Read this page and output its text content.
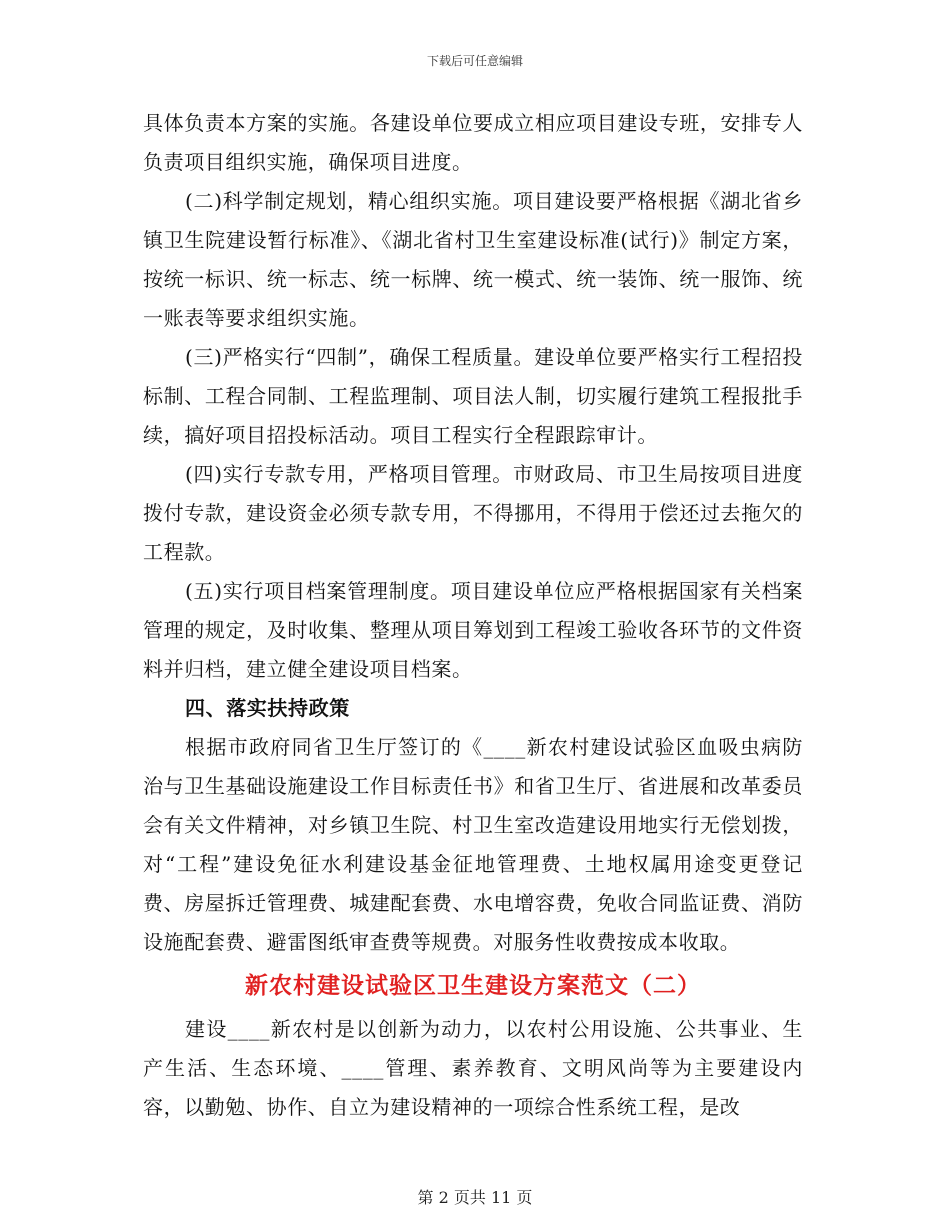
下载后可任意编辑

具体负责本方案的实施。各建设单位要成立相应项目建设专班，安排专人负责项目组织实施，确保项目进度。

(二)科学制定规划，精心组织实施。项目建设要严格根据《湖北省乡镇卫生院建设暂行标准》、《湖北省村卫生室建设标准(试行)》制定方案，按统一标识、统一标志、统一标牌、统一模式、统一装饰、统一服饰、统一账表等要求组织实施。

(三)严格实行“四制”，确保工程质量。建设单位要严格实行工程招投标制、工程合同制、工程监理制、项目法人制，切实履行建筑工程报批手续，搞好项目招投标活动。项目工程实行全程跟踪审计。

(四)实行专款专用，严格项目管理。市财政局、市卫生局按项目进度拨付专款，建设资金必须专款专用，不得挪用，不得用于偿还过去拖欠的工程款。

(五)实行项目档案管理制度。项目建设单位应严格根据国家有关档案管理的规定，及时收集、整理从项目筹划到工程竣工验收各环节的文件资料并归档，建立健全建设项目档案。

四、落实扶持政策

根据市政府同省卫生厅签订的《____新农村建设试验区血吸虫病防治与卫生基础设施建设工作目标责任书》和省卫生厅、省进展和改革委员会有关文件精神，对乡镇卫生院、村卫生室改造建设用地实行无偿划拨，对“工程”建设免征水利建设基金征地管理费、土地权属用途变更登记费、房屋拆迁管理费、城建配套费、水电增容费，免收合同监证费、消防设施配套费、避雷图纸审查费等规费。对服务性收费按成本收取。

新农村建设试验区卫生建设方案范文（二）

建设____新农村是以创新为动力，以农村公用设施、公共事业、生产生活、生态环境、____管理、素养教育、文明风尚等为主要建设内容，以勤勉、协作、自立为建设精神的一项综合性系统工程，是改

第 2 页共 11 页
